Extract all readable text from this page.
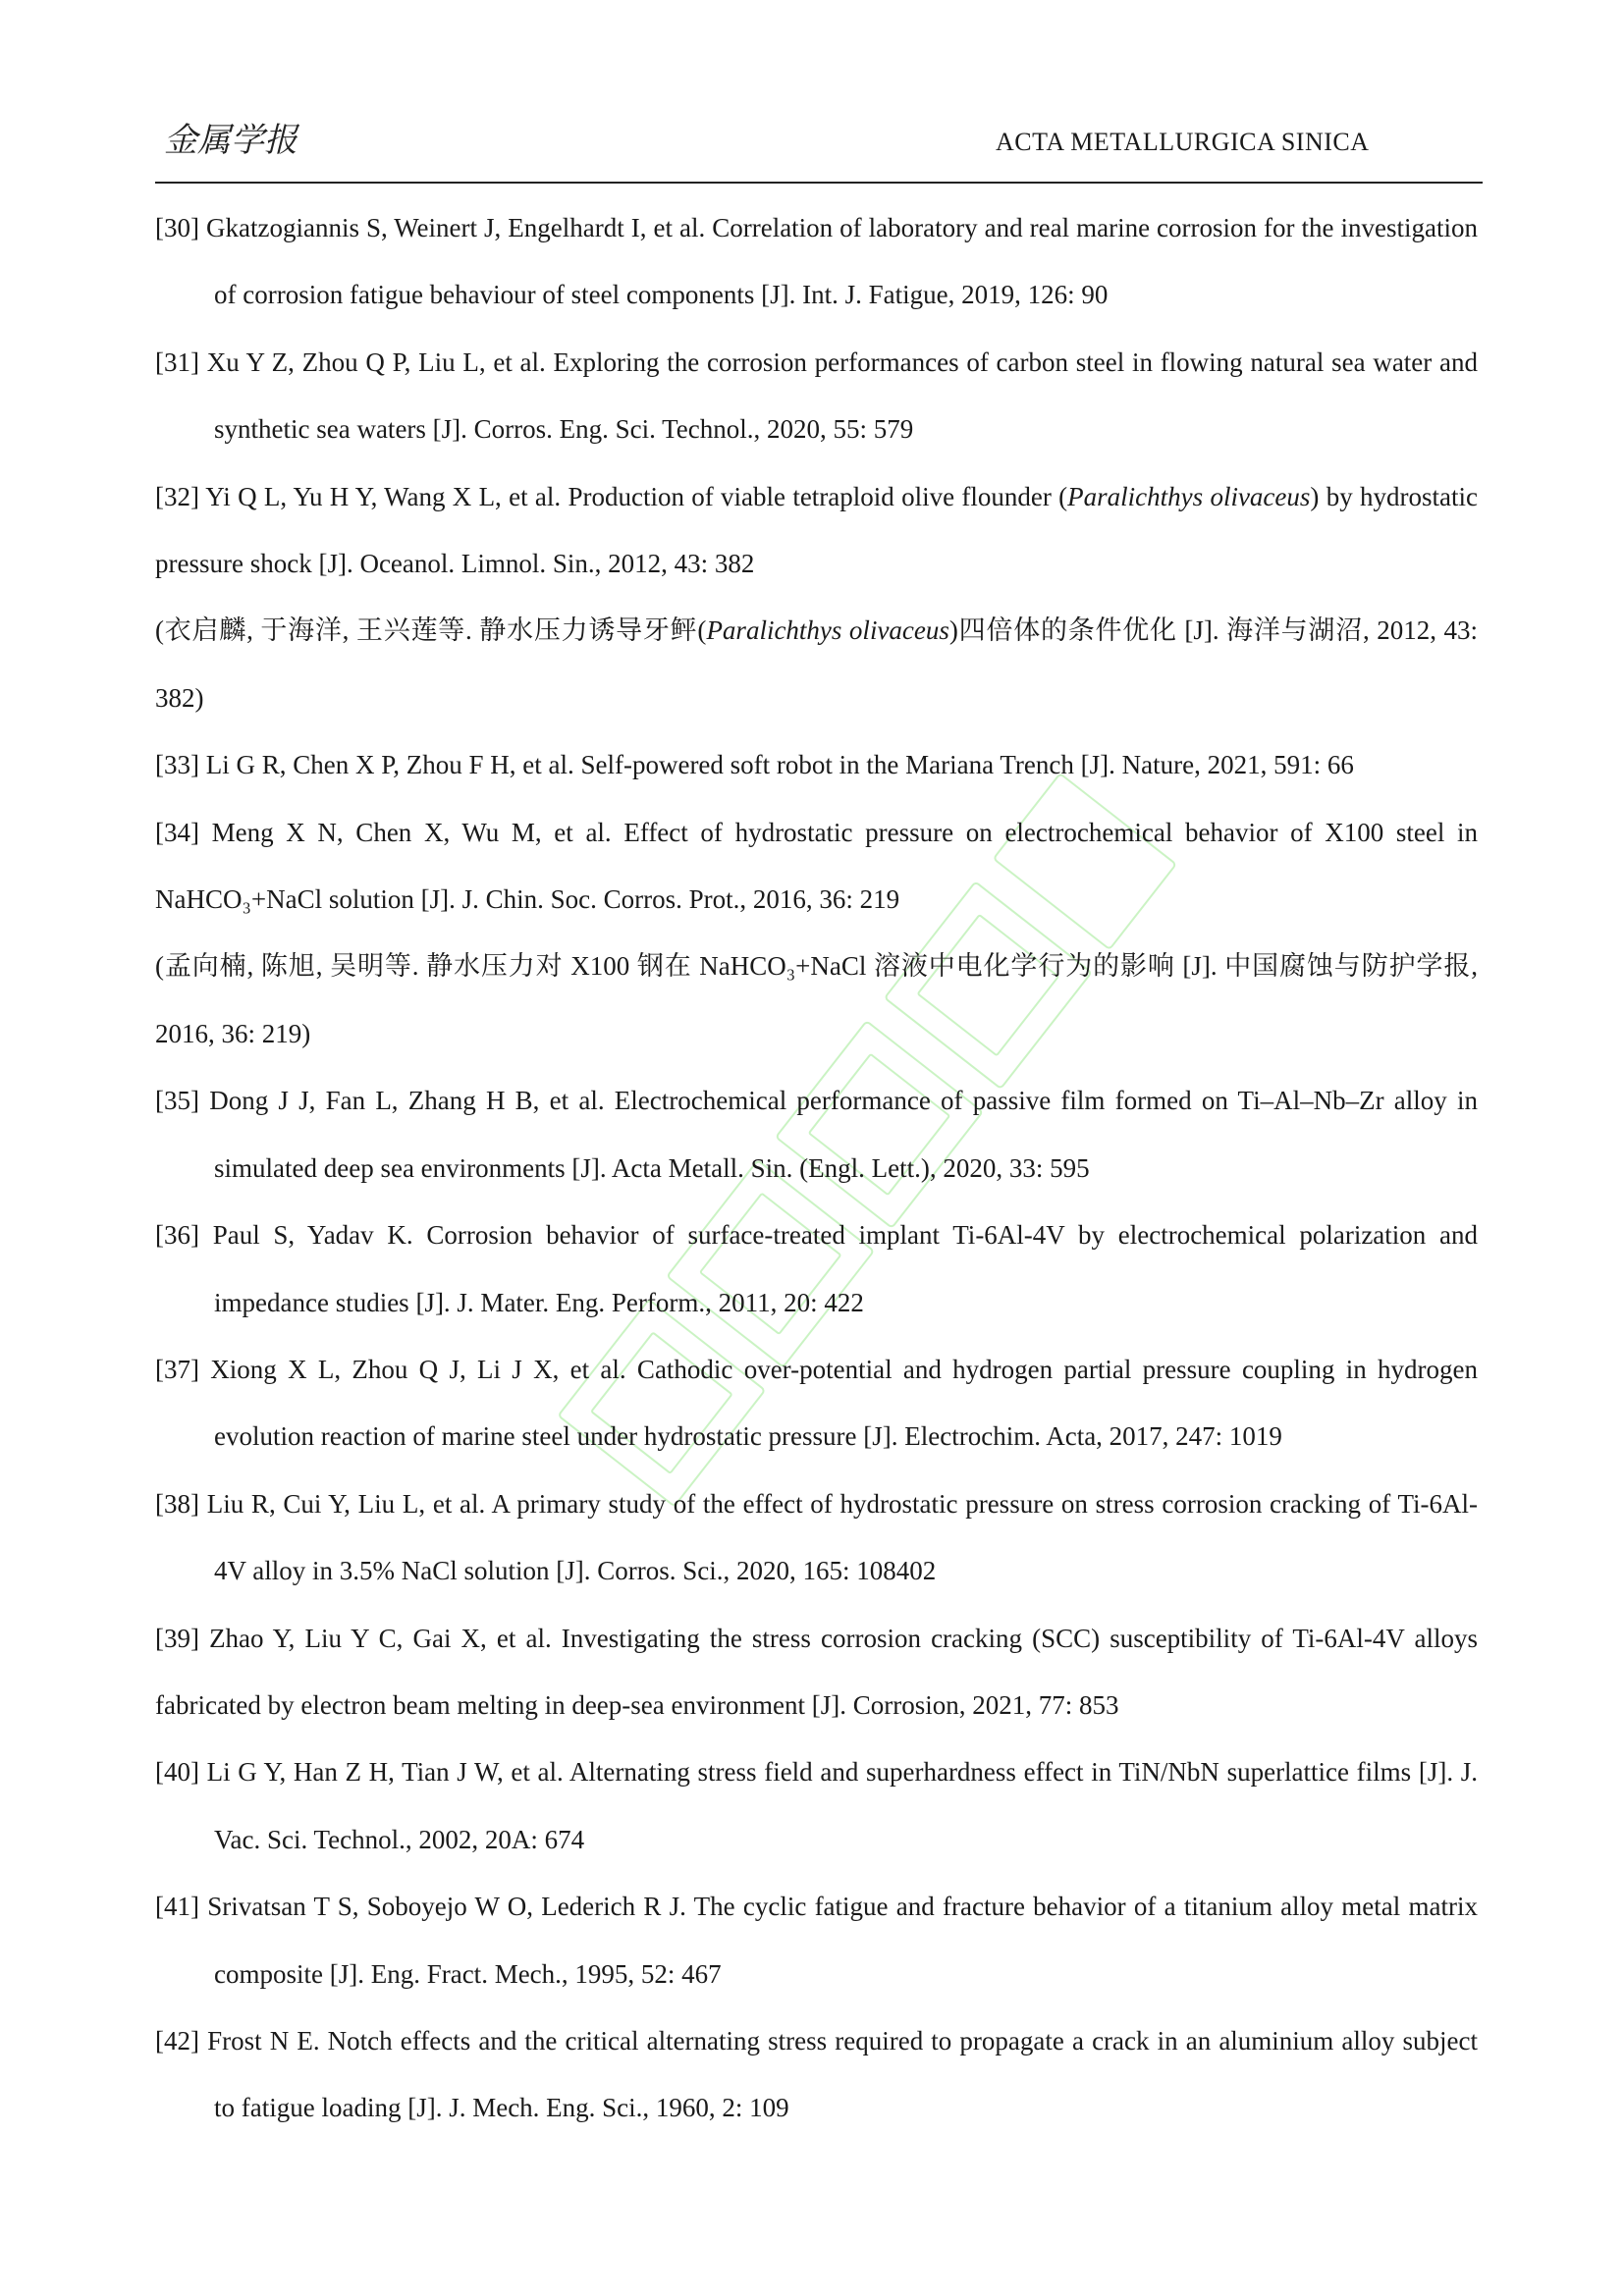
金属学报	ACTA METALLURGICA SINICA
[30] Gkatzogiannis S, Weinert J, Engelhardt I, et al. Correlation of laboratory and real marine corrosion for the investigation of corrosion fatigue behaviour of steel components [J]. Int. J. Fatigue, 2019, 126: 90
[31] Xu Y Z, Zhou Q P, Liu L, et al. Exploring the corrosion performances of carbon steel in flowing natural sea water and synthetic sea waters [J]. Corros. Eng. Sci. Technol., 2020, 55: 579
[32] Yi Q L, Yu H Y, Wang X L, et al. Production of viable tetraploid olive flounder (Paralichthys olivaceus) by hydrostatic pressure shock [J]. Oceanol. Limnol. Sin., 2012, 43: 382
(衣启麟, 于海洋, 王兴莲等. 静水压力诱导牙鲆(Paralichthys olivaceus)四倍体的条件优化 [J]. 海洋与湖沼, 2012, 43: 382)
[33] Li G R, Chen X P, Zhou F H, et al. Self-powered soft robot in the Mariana Trench [J]. Nature, 2021, 591: 66
[34] Meng X N, Chen X, Wu M, et al. Effect of hydrostatic pressure on electrochemical behavior of X100 steel in NaHCO₃+NaCl solution [J]. J. Chin. Soc. Corros. Prot., 2016, 36: 219
(孟向楠, 陈旭, 吴明等. 静水压力对 X100 钢在 NaHCO₃+NaCl 溶液中电化学行为的影响 [J]. 中国腐蚀与防护学报, 2016, 36: 219)
[35] Dong J J, Fan L, Zhang H B, et al. Electrochemical performance of passive film formed on Ti–Al–Nb–Zr alloy in simulated deep sea environments [J]. Acta Metall. Sin. (Engl. Lett.), 2020, 33: 595
[36] Paul S, Yadav K. Corrosion behavior of surface-treated implant Ti-6Al-4V by electrochemical polarization and impedance studies [J]. J. Mater. Eng. Perform., 2011, 20: 422
[37] Xiong X L, Zhou Q J, Li J X, et al. Cathodic over-potential and hydrogen partial pressure coupling in hydrogen evolution reaction of marine steel under hydrostatic pressure [J]. Electrochim. Acta, 2017, 247: 1019
[38] Liu R, Cui Y, Liu L, et al. A primary study of the effect of hydrostatic pressure on stress corrosion cracking of Ti-6Al-4V alloy in 3.5% NaCl solution [J]. Corros. Sci., 2020, 165: 108402
[39] Zhao Y, Liu Y C, Gai X, et al. Investigating the stress corrosion cracking (SCC) susceptibility of Ti-6Al-4V alloys fabricated by electron beam melting in deep-sea environment [J]. Corrosion, 2021, 77: 853
[40] Li G Y, Han Z H, Tian J W, et al. Alternating stress field and superhardness effect in TiN/NbN superlattice films [J]. J. Vac. Sci. Technol., 2002, 20A: 674
[41] Srivatsan T S, Soboyejo W O, Lederich R J. The cyclic fatigue and fracture behavior of a titanium alloy metal matrix composite [J]. Eng. Fract. Mech., 1995, 52: 467
[42] Frost N E. Notch effects and the critical alternating stress required to propagate a crack in an aluminium alloy subject to fatigue loading [J]. J. Mech. Eng. Sci., 1960, 2: 109
